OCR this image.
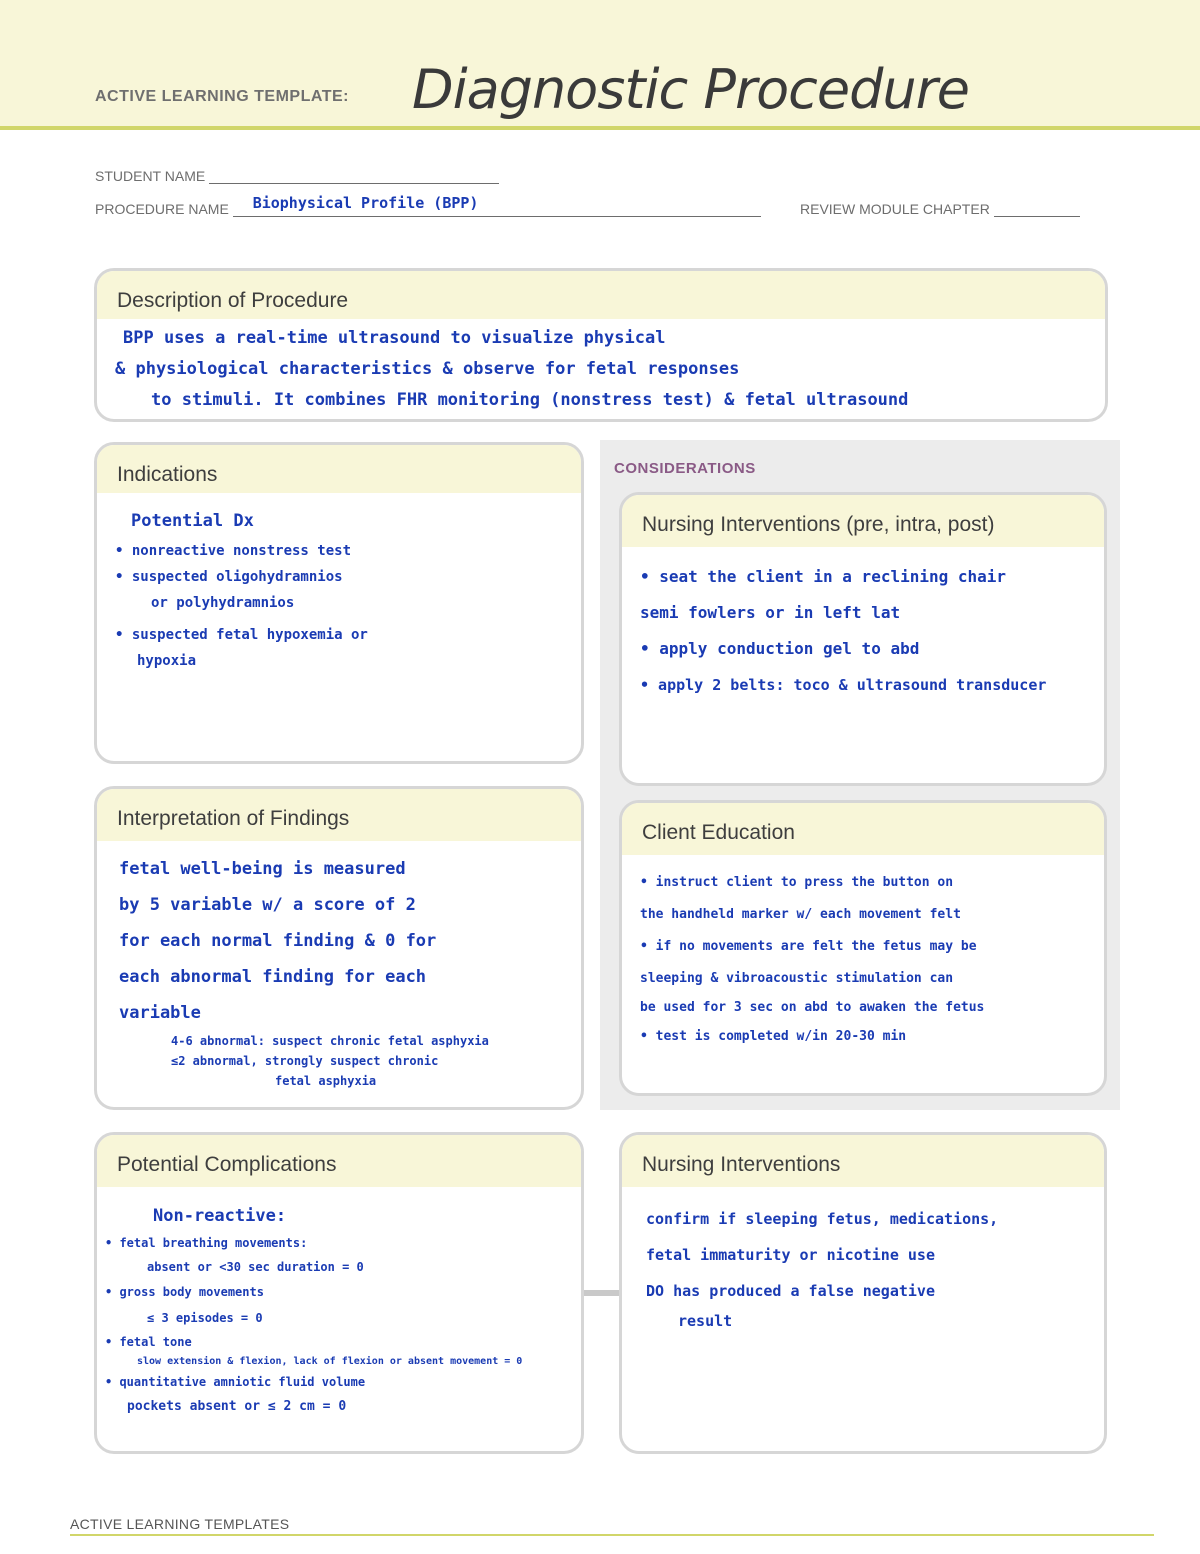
ACTIVE LEARNING TEMPLATE: Diagnostic Procedure
STUDENT NAME
PROCEDURE NAME Biophysical Profile (BPP)	REVIEW MODULE CHAPTER
Description of Procedure
BPP uses a real-time ultrasound to visualize physical
& physiological characteristics & observe for fetal responses
to stimuli. It combines FHR monitoring (nonstress test) & fetal ultrasound
Indications
Potential Dx
• nonreactive nonstress test
• suspected oligohydramnios
or polyhydramnios
• suspected fetal hypoxemia or
hypoxia
CONSIDERATIONS
Nursing Interventions (pre, intra, post)
• seat the client in a reclining chair
semi fowlers or in left lat
• apply conduction gel to abd
• apply 2 belts: toco & ultrasound transducer
Interpretation of Findings
fetal well-being is measured
by 5 variable w/ a score of 2
for each normal finding & 0 for
each abnormal finding for each
variable
4-6 abnormal: suspect chronic fetal asphyxia
≤2 abnormal, strongly suspect chronic
fetal asphyxia
Client Education
• instruct client to press the button on
the handheld marker w/ each movement felt
• if no movements are felt the fetus may be
sleeping & vibroacoustic stimulation can
be used for 3 sec on abd to awaken the fetus
• test is completed w/in 20-30 min
Potential Complications
Non-reactive:
• fetal breathing movements:
absent or <30 sec duration = 0
• gross body movements
≤ 3 episodes = 0
• fetal tone
slow extension & flexion, lack of flexion or absent movement = 0
• quantitative amniotic fluid volume
pockets absent or ≤ 2 cm = 0
Nursing Interventions
confirm if sleeping fetus, medications,
fetal immaturity or nicotine use
DO has produced a false negative
result
ACTIVE LEARNING TEMPLATES
